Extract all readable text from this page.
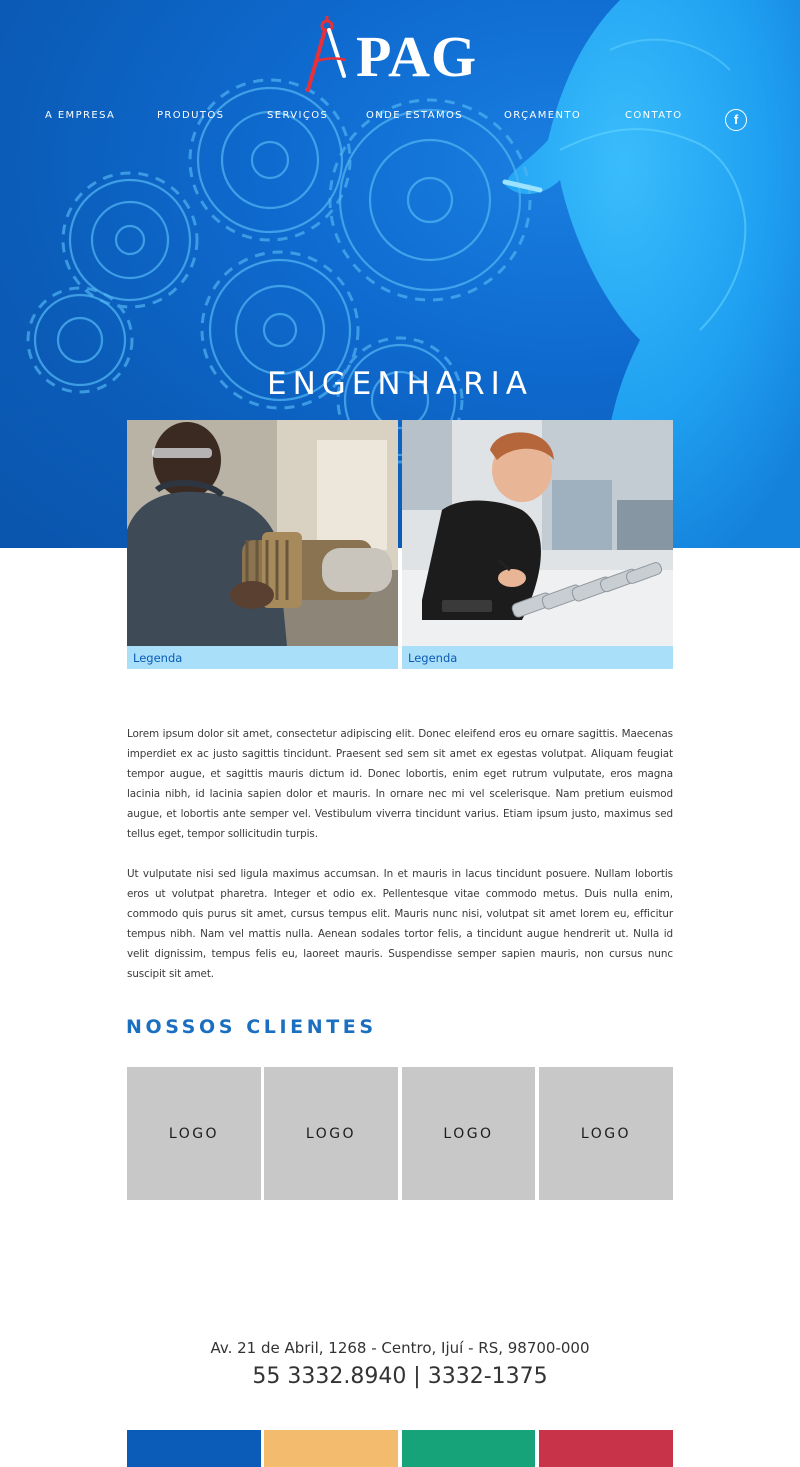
PAG
A EMPRESA	PRODUTOS	SERVIÇOS	ONDE ESTAMOS	ORÇAMENTO	CONTATO	f
ENGENHARIA
Legenda	Legenda

Lorem ipsum dolor sit amet, consectetur adipiscing elit. Donec eleifend eros eu ornare sagittis. Maecenas imperdiet ex ac justo sagittis tincidunt. Praesent sed sem sit amet ex egestas volutpat. Aliquam feugiat tempor augue, et sagittis mauris dictum id. Donec lobortis, enim eget rutrum vulputate, eros magna lacinia nibh, id lacinia sapien dolor et mauris. In ornare nec mi vel scelerisque. Nam pretium euismod augue, et lobortis ante semper vel. Vestibulum viverra tincidunt varius. Etiam ipsum justo, maximus sed tellus eget, tempor sollicitudin turpis.

Ut vulputate nisi sed ligula maximus accumsan. In et mauris in lacus tincidunt posuere. Nullam lobortis eros ut volutpat pharetra. Integer et odio ex. Pellentesque vitae commodo metus. Duis nulla enim, commodo quis purus sit amet, cursus tempus elit. Mauris nunc nisi, volutpat sit amet lorem eu, efficitur tempus nibh. Nam vel mattis nulla. Aenean sodales tortor felis, a tincidunt augue hendrerit ut. Nulla id velit dignissim, tempus felis eu, laoreet mauris. Suspendisse semper sapien mauris, non cursus nunc suscipit sit amet.

NOSSOS CLIENTES
LOGO	LOGO	LOGO	LOGO
Av. 21 de Abril, 1268 - Centro, Ijuí - RS, 98700-000
55 3332.8940 | 3332-1375
